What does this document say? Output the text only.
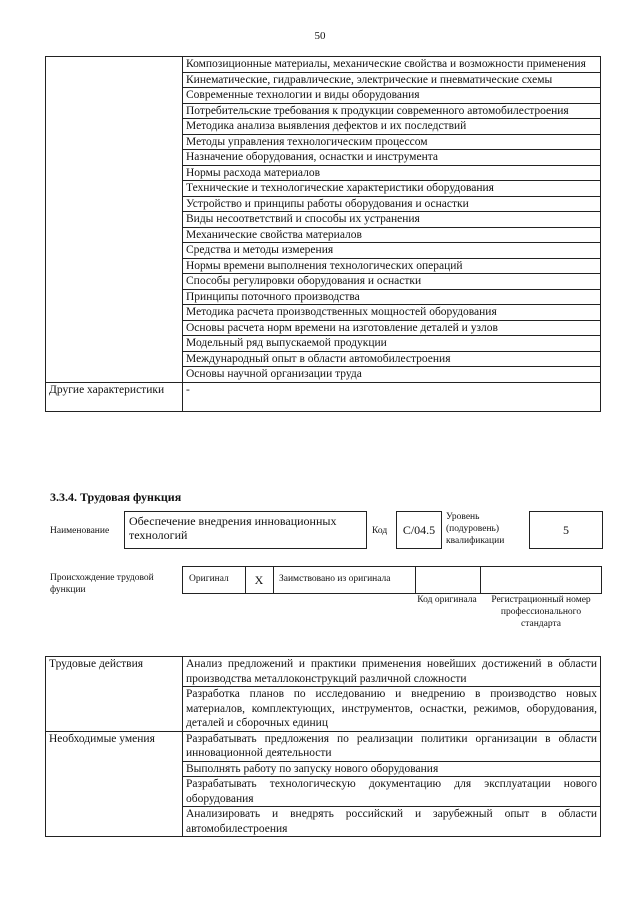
50
	Композиционные материалы, механические свойства и возможности применения
	Кинематические, гидравлические, электрические и пневматические схемы
	Современные технологии и виды оборудования
	Потребительские требования к продукции современного автомобилестроения
	Методика анализа выявления дефектов и их последствий
	Методы управления технологическим процессом
	Назначение оборудования, оснастки и инструмента
	Нормы расхода материалов
	Технические и технологические характеристики оборудования
	Устройство и принципы работы оборудования и оснастки
	Виды несоответствий и способы их устранения
	Механические свойства материалов
	Средства и методы измерения
	Нормы времени выполнения технологических операций
	Способы регулировки оборудования и оснастки
	Принципы поточного производства
	Методика расчета производственных мощностей оборудования
	Основы расчета норм времени на изготовление деталей и узлов
	Модельный ряд выпускаемой продукции
	Международный опыт в области автомобилестроения
	Основы научной организации труда
Другие характеристики	-
3.3.4. Трудовая функция
Наименование
Обеспечение внедрения инновационных технологий	Код	С/04.5
Уровень (подуровень) квалификации
5
Происхождение трудовой функции
Оригинал	X	Заимствовано из оригинала
Код оригинала	Регистрационный номер профессионального стандарта
Трудовые действия	Анализ предложений и практики применения новейших достижений в области производства металлоконструкций различной сложности
	Разработка планов по исследованию и внедрению в производство новых материалов, комплектующих, инструментов, оснастки, режимов, оборудования, деталей и сборочных единиц
Необходимые умения	Разрабатывать предложения по реализации политики организации в области инновационной деятельности
	Выполнять работу по запуску нового оборудования
	Разрабатывать технологическую документацию для эксплуатации нового оборудования
	Анализировать и внедрять российский и зарубежный опыт в области автомобилестроения
